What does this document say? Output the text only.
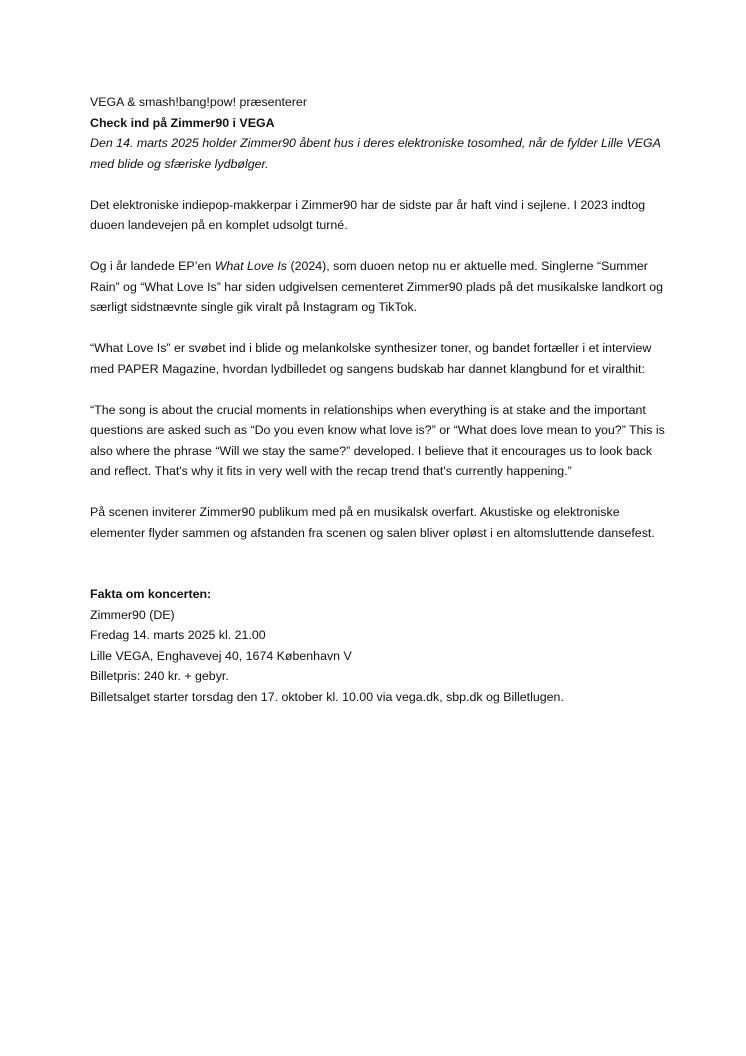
VEGA & smash!bang!pow! præsenterer

Check ind på Zimmer90 i VEGA

Den 14. marts 2025 holder Zimmer90 åbent hus i deres elektroniske tosomhed, når de fylder Lille VEGA med blide og sfæriske lydbølger.

Det elektroniske indiepop-makkerpar i Zimmer90 har de sidste par år haft vind i sejlene. I 2023 indtog duoen landevejen på en komplet udsolgt turné.

Og i år landede EP’en What Love Is (2024), som duoen netop nu er aktuelle med. Singlerne “Summer Rain” og “What Love Is” har siden udgivelsen cementeret Zimmer90 plads på det musikalske landkort og særligt sidstnævnte single gik viralt på Instagram og TikTok.

“What Love Is” er svøbet ind i blide og melankolske synthesizer toner, og bandet fortæller i et interview med PAPER Magazine, hvordan lydbilledet og sangens budskab har dannet klangbund for et viralthit:

“The song is about the crucial moments in relationships when everything is at stake and the important questions are asked such as “Do you even know what love is?” or “What does love mean to you?” This is also where the phrase “Will we stay the same?” developed. I believe that it encourages us to look back and reflect. That's why it fits in very well with the recap trend that's currently happening.”

På scenen inviterer Zimmer90 publikum med på en musikalsk overfart. Akustiske og elektroniske elementer flyder sammen og afstanden fra scenen og salen bliver opløst i en altomsluttende dansefest.

Fakta om koncerten:

Zimmer90 (DE)

Fredag 14. marts 2025 kl. 21.00

Lille VEGA, Enghavevej 40, 1674 København V

Billetpris: 240 kr. + gebyr.

Billetsalget starter torsdag den 17. oktober kl. 10.00 via vega.dk, sbp.dk og Billetlugen.
